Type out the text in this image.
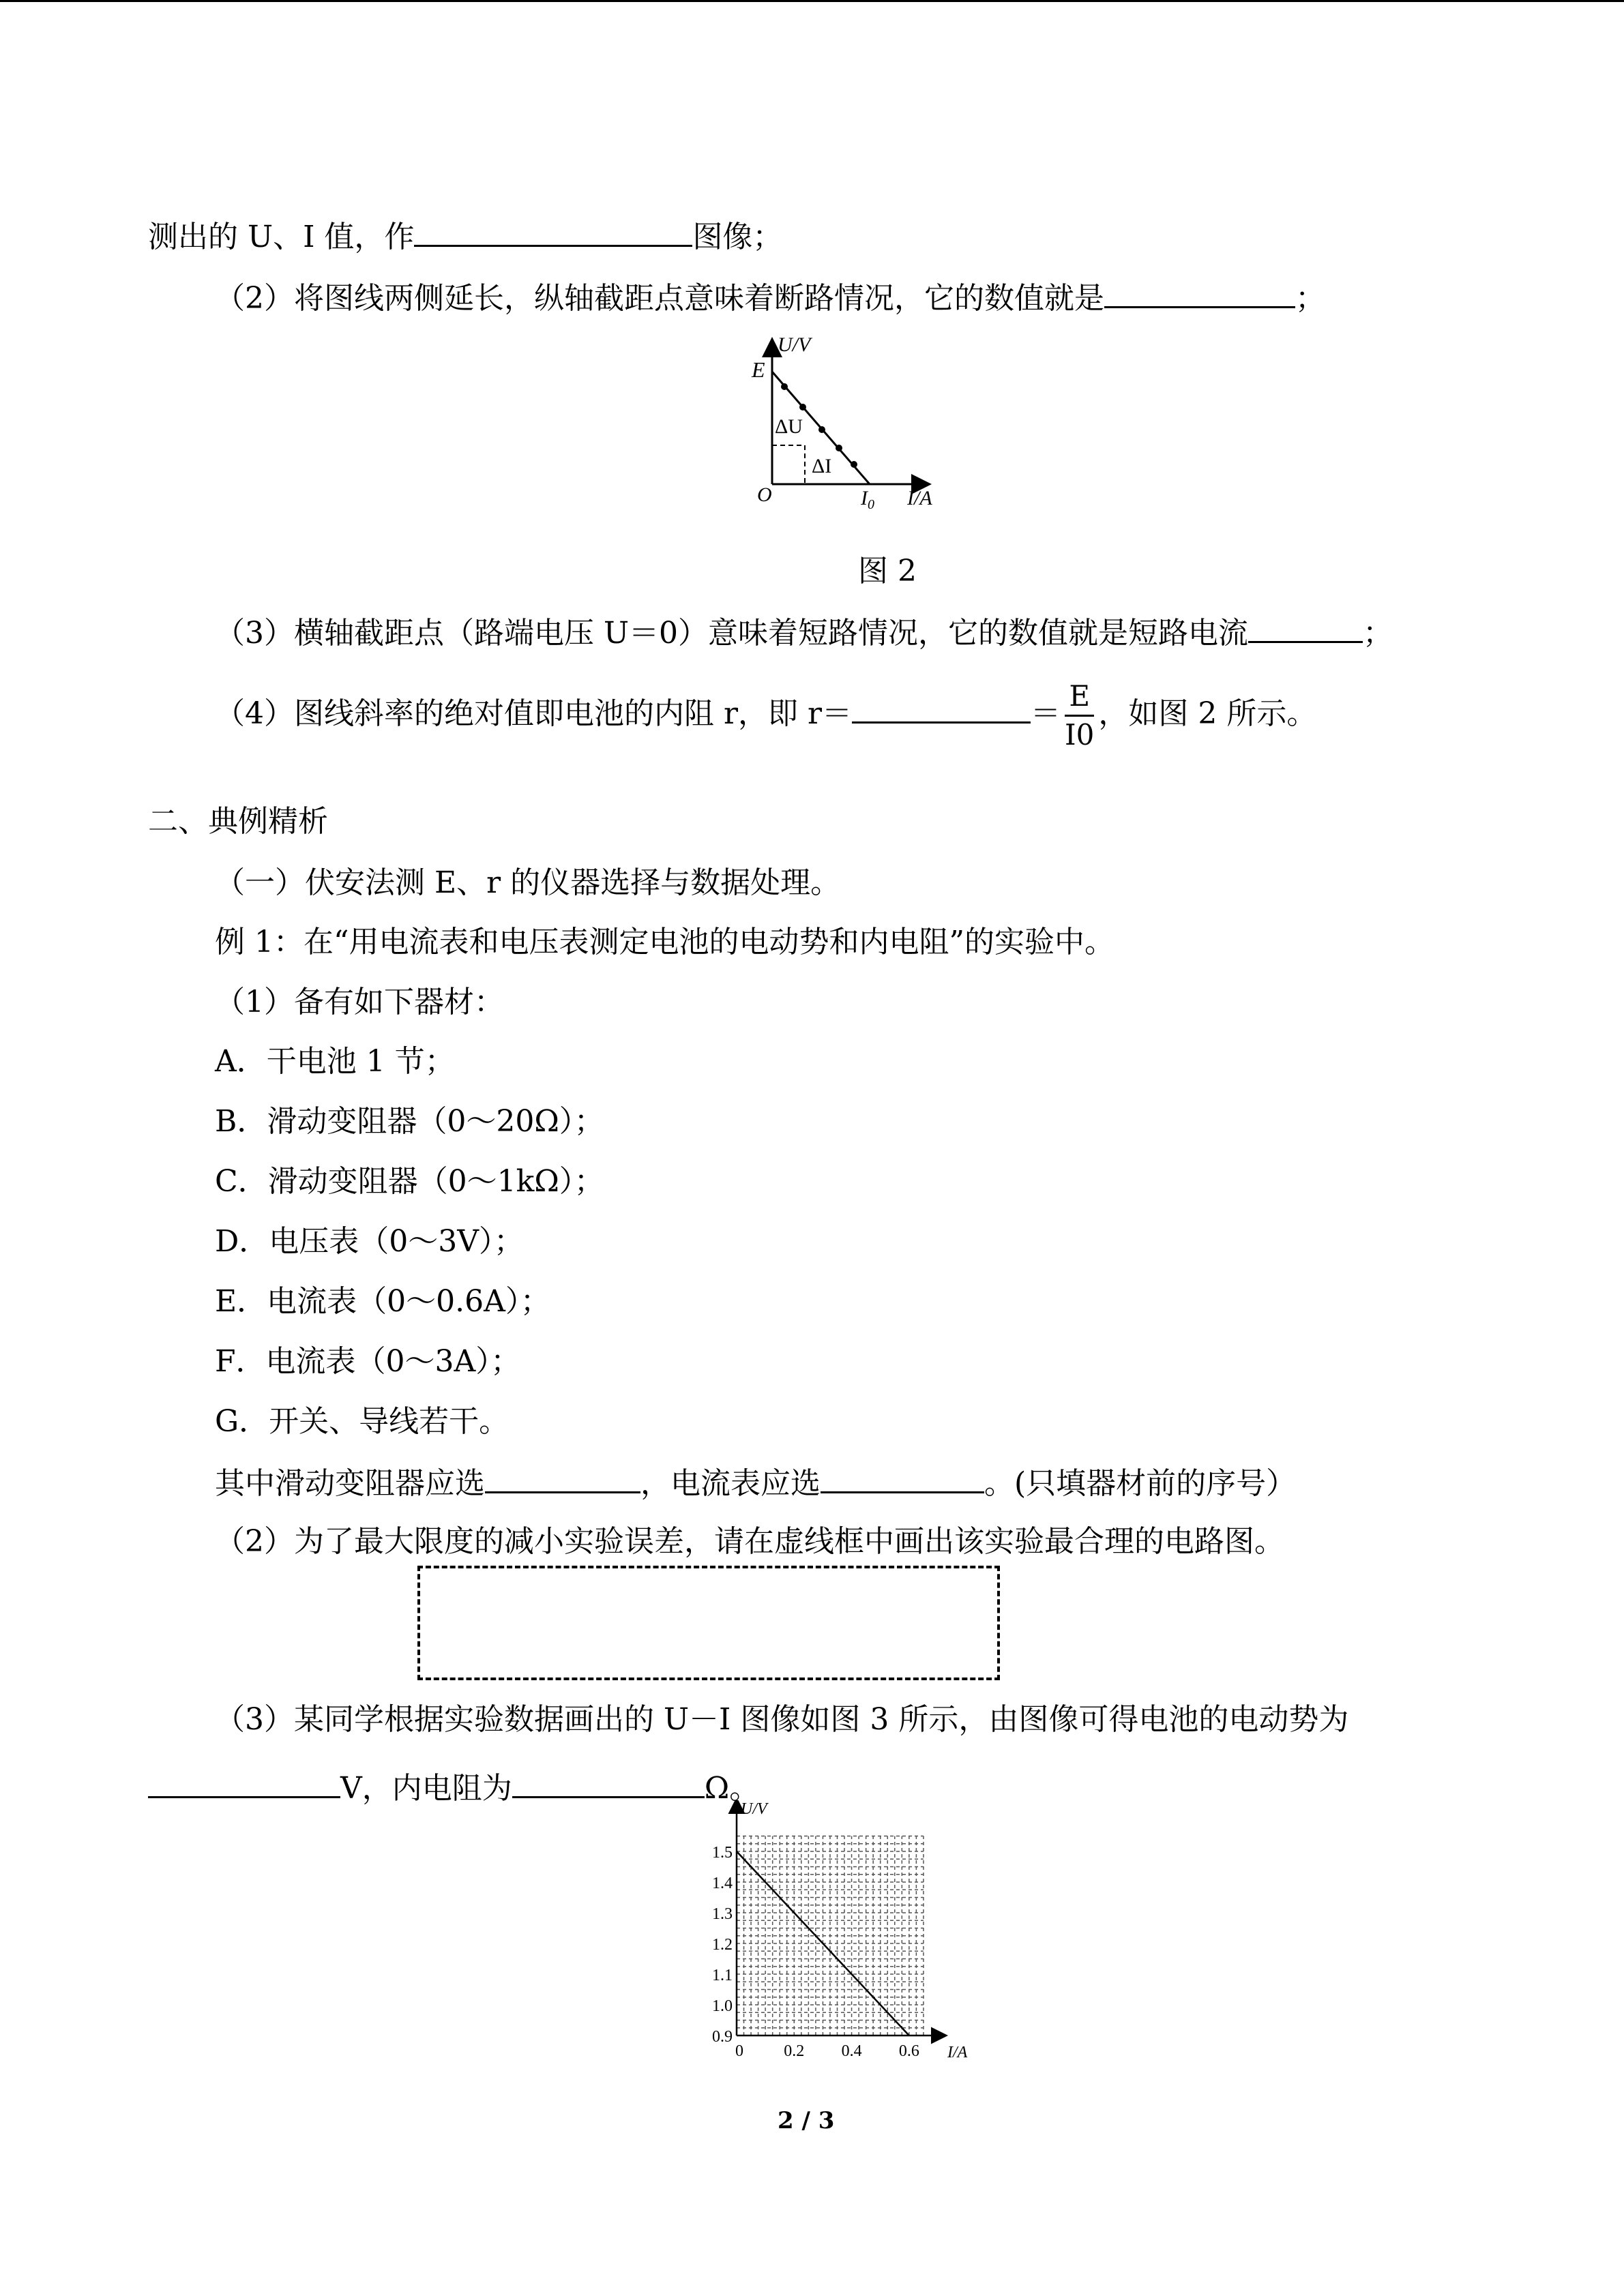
测出的 U、I 值，作	图像；
（2）将图线两侧延长，纵轴截距点意味着断路情况，它的数值就是	；
U/V
E
ΔU
ΔI
O	$I_0$ I/A
图 2
（3）横轴截距点（路端电压 U＝0）意味着短路情况，它的数值就是短路电流	；
（4）图线斜率的绝对值即电池的内阻 r，即 r＝	＝ $\frac{E}{I0}$ ，如图 2 所示。
二、典例精析
（一）伏安法测 E、r 的仪器选择与数据处理。
例 1：在“用电流表和电压表测定电池的电动势和内电阻”的实验中。
（1）备有如下器材：
A．干电池 1 节；
B．滑动变阻器（0～20Ω）；
C．滑动变阻器（0～1kΩ）；
D．电压表（0～3V）；
E．电流表（0～0.6A）；
F．电流表（0～3A）；
G．开关、导线若干。
其中滑动变阻器应选	，电流表应选	。(只填器材前的序号）
（2）为了最大限度的减小实验误差，请在虚线框中画出该实验最合理的电路图。
（3）某同学根据实验数据画出的 U－I 图像如图 3 所示，由图像可得电池的电动势为
V，内电阻为	Ω。
0.9
1.0
1.1
1.2
1.3
1.4
1.5
0 0.2 0.4 0.6
U/V
I/A
2 / 3
